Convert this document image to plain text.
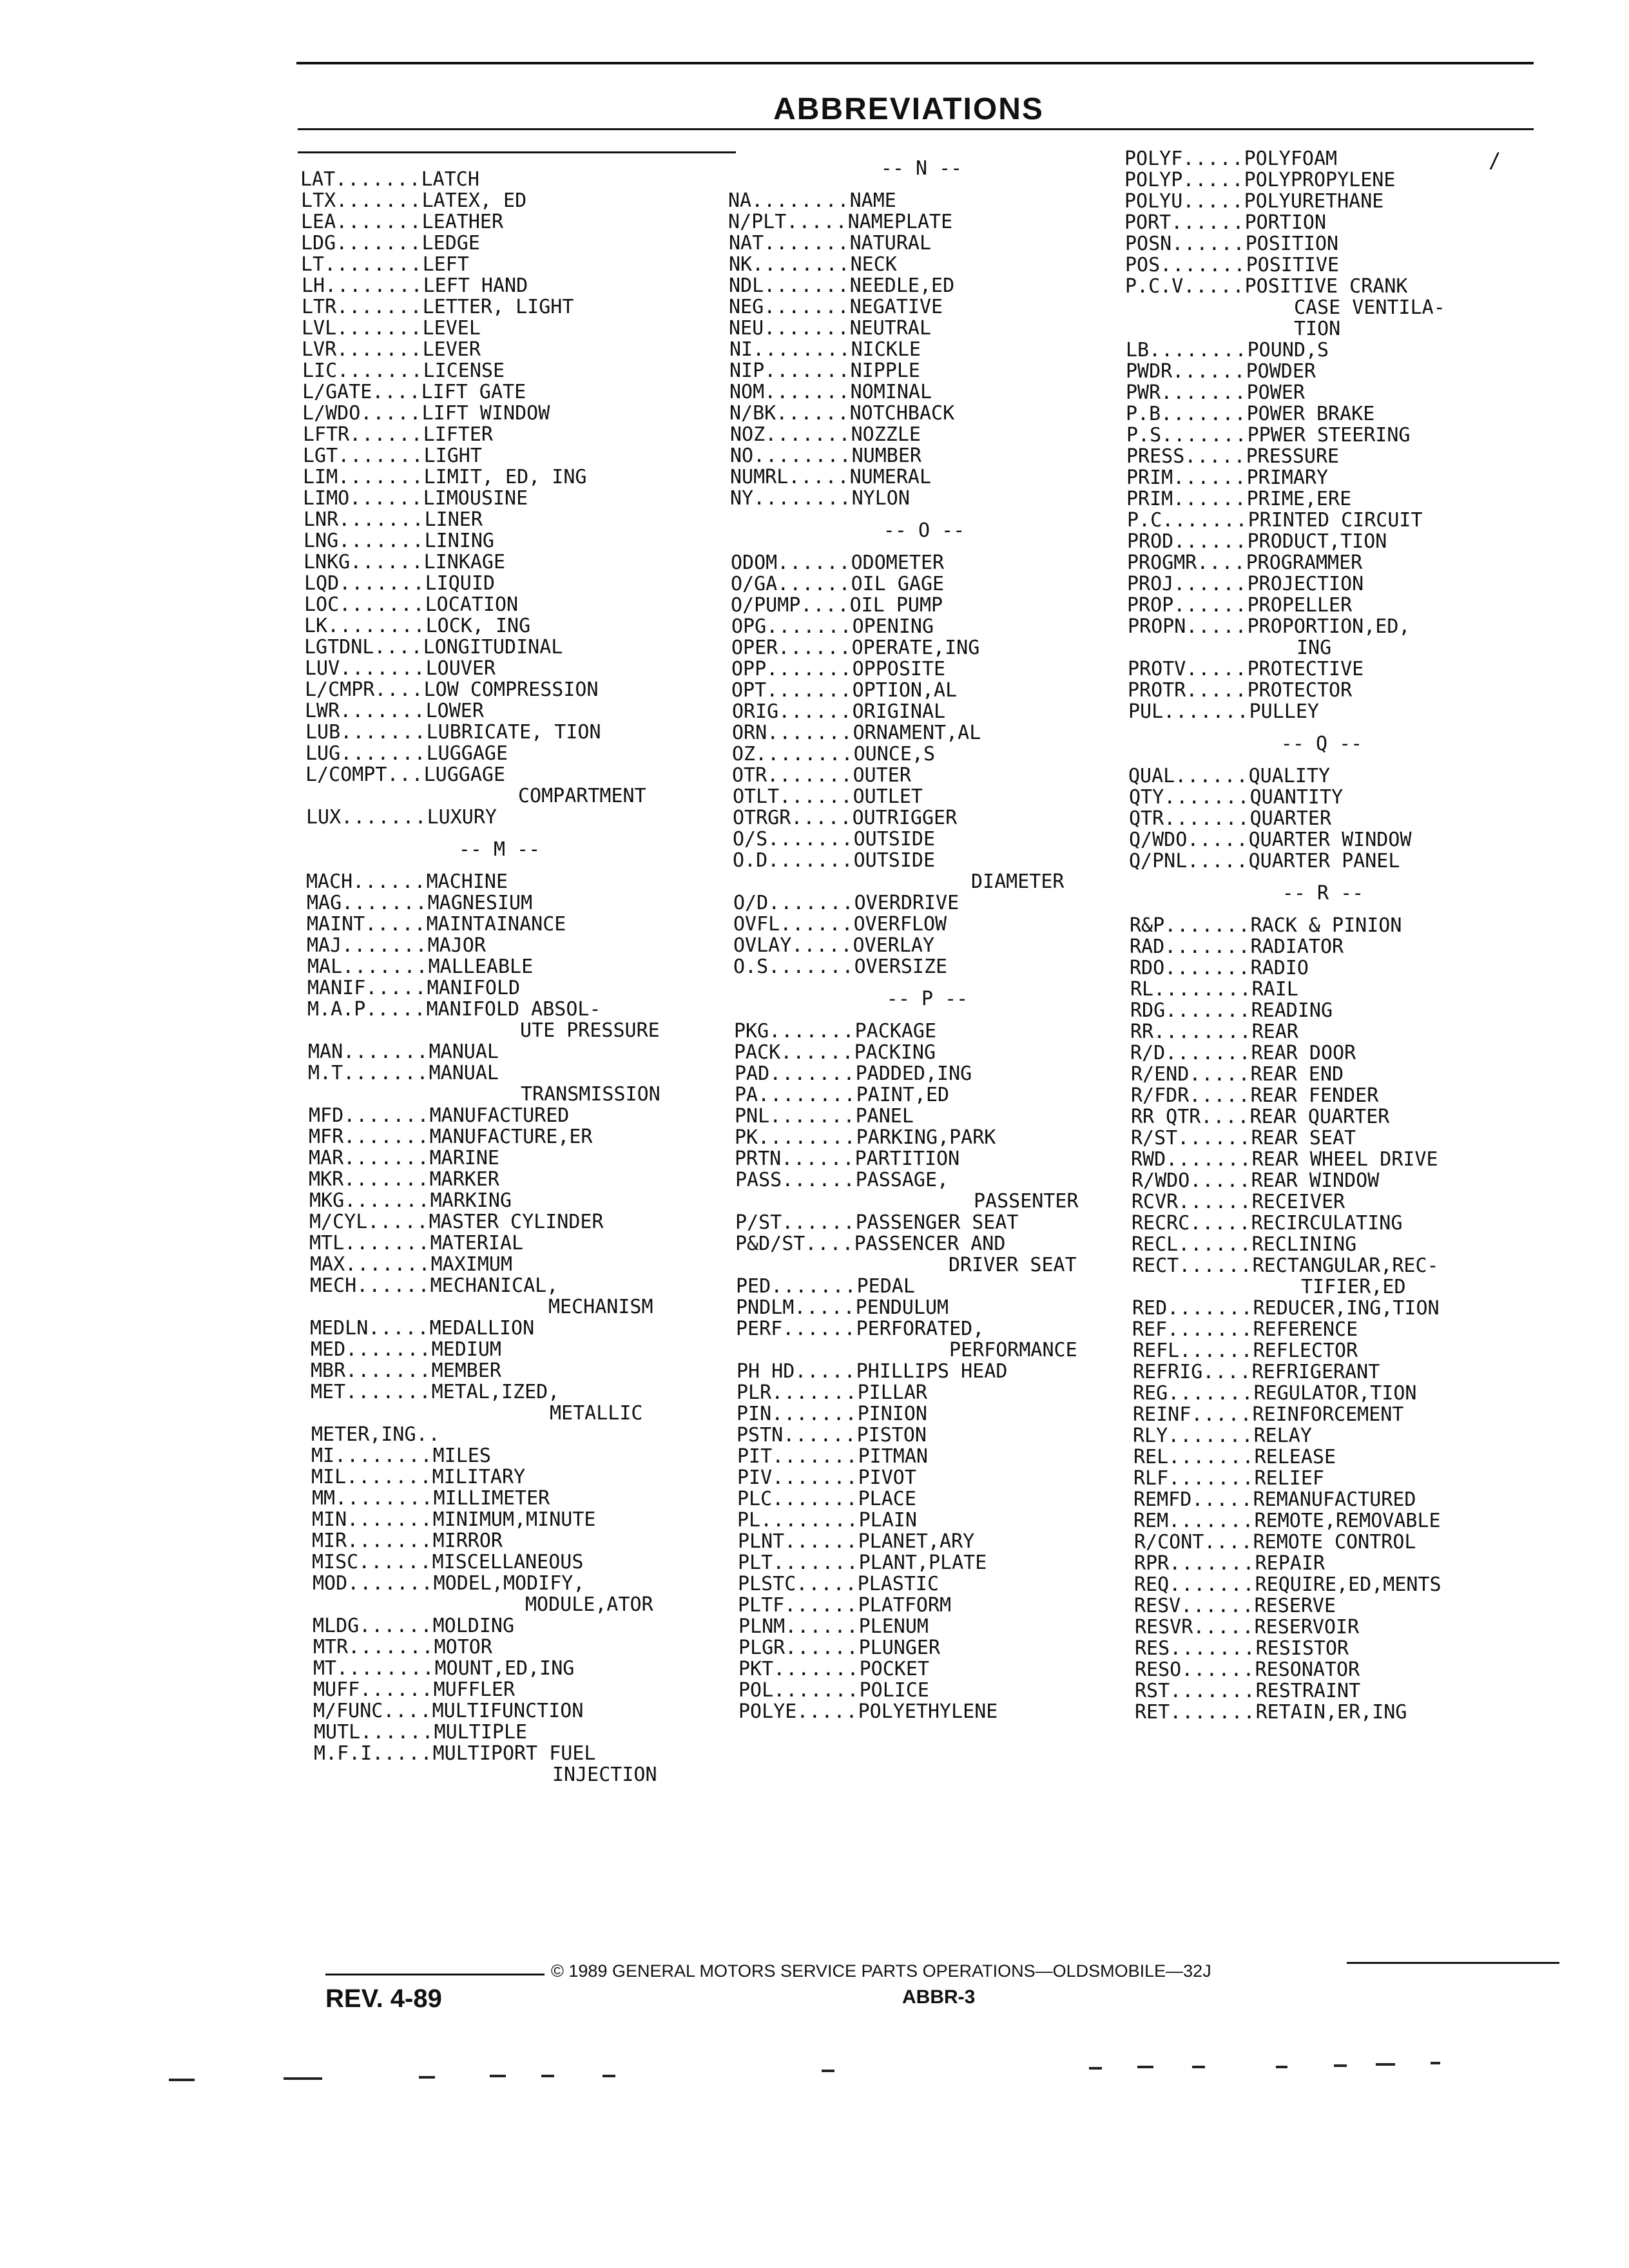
ABBREVIATIONS
/
LAT.......LATCH
LTX.......LATEX, ED
LEA.......LEATHER
LDG.......LEDGE
LT........LEFT
LH........LEFT HAND
LTR.......LETTER, LIGHT
LVL.......LEVEL
LVR.......LEVER
LIC.......LICENSE
L/GATE....LIFT GATE
L/WDO.....LIFT WINDOW
LFTR......LIFTER
LGT.......LIGHT
LIM.......LIMIT, ED, ING
LIMO......LIMOUSINE
LNR.......LINER
LNG.......LINING
LNKG......LINKAGE
LQD.......LIQUID
LOC.......LOCATION
LK........LOCK, ING
LGTDNL....LONGITUDINAL
LUV.......LOUVER
L/CMPR....LOW COMPRESSION
LWR.......LOWER
LUB.......LUBRICATE, TION
LUG.......LUGGAGE
L/COMPT...LUGGAGE
COMPARTMENT
LUX.......LUXURY
-- M --
MACH......MACHINE
MAG.......MAGNESIUM
MAINT.....MAINTAINANCE
MAJ.......MAJOR
MAL.......MALLEABLE
MANIF.....MANIFOLD
M.A.P.....MANIFOLD ABSOL-
UTE PRESSURE
MAN.......MANUAL
M.T.......MANUAL
TRANSMISSION
MFD.......MANUFACTURED
MFR.......MANUFACTURE,ER
MAR.......MARINE
MKR.......MARKER
MKG.......MARKING
M/CYL.....MASTER CYLINDER
MTL.......MATERIAL
MAX.......MAXIMUM
MECH......MECHANICAL,
MECHANISM
MEDLN.....MEDALLION
MED.......MEDIUM
MBR.......MEMBER
MET.......METAL,IZED,
METALLIC
METER,ING..
MI........MILES
MIL.......MILITARY
MM........MILLIMETER
MIN.......MINIMUM,MINUTE
MIR.......MIRROR
MISC......MISCELLANEOUS
MOD.......MODEL,MODIFY,
MODULE,ATOR
MLDG......MOLDING
MTR.......MOTOR
MT........MOUNT,ED,ING
MUFF......MUFFLER
M/FUNC....MULTIFUNCTION
MUTL......MULTIPLE
M.F.I.....MULTIPORT FUEL
INJECTION
-- N --
NA........NAME
N/PLT.....NAMEPLATE
NAT.......NATURAL
NK........NECK
NDL.......NEEDLE,ED
NEG.......NEGATIVE
NEU.......NEUTRAL
NI........NICKLE
NIP.......NIPPLE
NOM.......NOMINAL
N/BK......NOTCHBACK
NOZ.......NOZZLE
NO........NUMBER
NUMRL.....NUMERAL
NY........NYLON
-- O --
ODOM......ODOMETER
O/GA......OIL GAGE
O/PUMP....OIL PUMP
OPG.......OPENING
OPER......OPERATE,ING
OPP.......OPPOSITE
OPT.......OPTION,AL
ORIG......ORIGINAL
ORN.......ORNAMENT,AL
OZ........OUNCE,S
OTR.......OUTER
OTLT......OUTLET
OTRGR.....OUTRIGGER
O/S.......OUTSIDE
O.D.......OUTSIDE
DIAMETER
O/D.......OVERDRIVE
OVFL......OVERFLOW
OVLAY.....OVERLAY
O.S.......OVERSIZE
-- P --
PKG.......PACKAGE
PACK......PACKING
PAD.......PADDED,ING
PA........PAINT,ED
PNL.......PANEL
PK........PARKING,PARK
PRTN......PARTITION
PASS......PASSAGE,
PASSENTER
P/ST......PASSENGER SEAT
P&D/ST....PASSENCER AND
DRIVER SEAT
PED.......PEDAL
PNDLM.....PENDULUM
PERF......PERFORATED,
PERFORMANCE
PH HD.....PHILLIPS HEAD
PLR.......PILLAR
PIN.......PINION
PSTN......PISTON
PIT.......PITMAN
PIV.......PIVOT
PLC.......PLACE
PL........PLAIN
PLNT......PLANET,ARY
PLT.......PLANT,PLATE
PLSTC.....PLASTIC
PLTF......PLATFORM
PLNM......PLENUM
PLGR......PLUNGER
PKT.......POCKET
POL.......POLICE
POLYE.....POLYETHYLENE
POLYF.....POLYFOAM
POLYP.....POLYPROPYLENE
POLYU.....POLYURETHANE
PORT......PORTION
POSN......POSITION
POS.......POSITIVE
P.C.V.....POSITIVE CRANK
CASE VENTILA-
TION
LB........POUND,S
PWDR......POWDER
PWR.......POWER
P.B.......POWER BRAKE
P.S.......PPWER STEERING
PRESS.....PRESSURE
PRIM......PRIMARY
PRIM......PRIME,ERE
P.C.......PRINTED CIRCUIT
PROD......PRODUCT,TION
PROGMR....PROGRAMMER
PROJ......PROJECTION
PROP......PROPELLER
PROPN.....PROPORTION,ED,
ING
PROTV.....PROTECTIVE
PROTR.....PROTECTOR
PUL.......PULLEY
-- Q --
QUAL......QUALITY
QTY.......QUANTITY
QTR.......QUARTER
Q/WDO.....QUARTER WINDOW
Q/PNL.....QUARTER PANEL
-- R --
R&P.......RACK & PINION
RAD.......RADIATOR
RDO.......RADIO
RL........RAIL
RDG.......READING
RR........REAR
R/D.......REAR DOOR
R/END.....REAR END
R/FDR.....REAR FENDER
RR QTR....REAR QUARTER
R/ST......REAR SEAT
RWD.......REAR WHEEL DRIVE
R/WDO.....REAR WINDOW
RCVR......RECEIVER
RECRC.....RECIRCULATING
RECL......RECLINING
RECT......RECTANGULAR,REC-
TIFIER,ED
RED.......REDUCER,ING,TION
REF.......REFERENCE
REFL......REFLECTOR
REFRIG....REFRIGERANT
REG.......REGULATOR,TION
REINF.....REINFORCEMENT
RLY.......RELAY
REL.......RELEASE
RLF.......RELIEF
REMFD.....REMANUFACTURED
REM.......REMOTE,REMOVABLE
R/CONT....REMOTE CONTROL
RPR.......REPAIR
REQ.......REQUIRE,ED,MENTS
RESV......RESERVE
RESVR.....RESERVOIR
RES.......RESISTOR
RESO......RESONATOR
RST.......RESTRAINT
RET.......RETAIN,ER,ING
© 1989 GENERAL MOTORS SERVICE PARTS OPERATIONS—OLDSMOBILE—32J
REV. 4-89	ABBR-3
